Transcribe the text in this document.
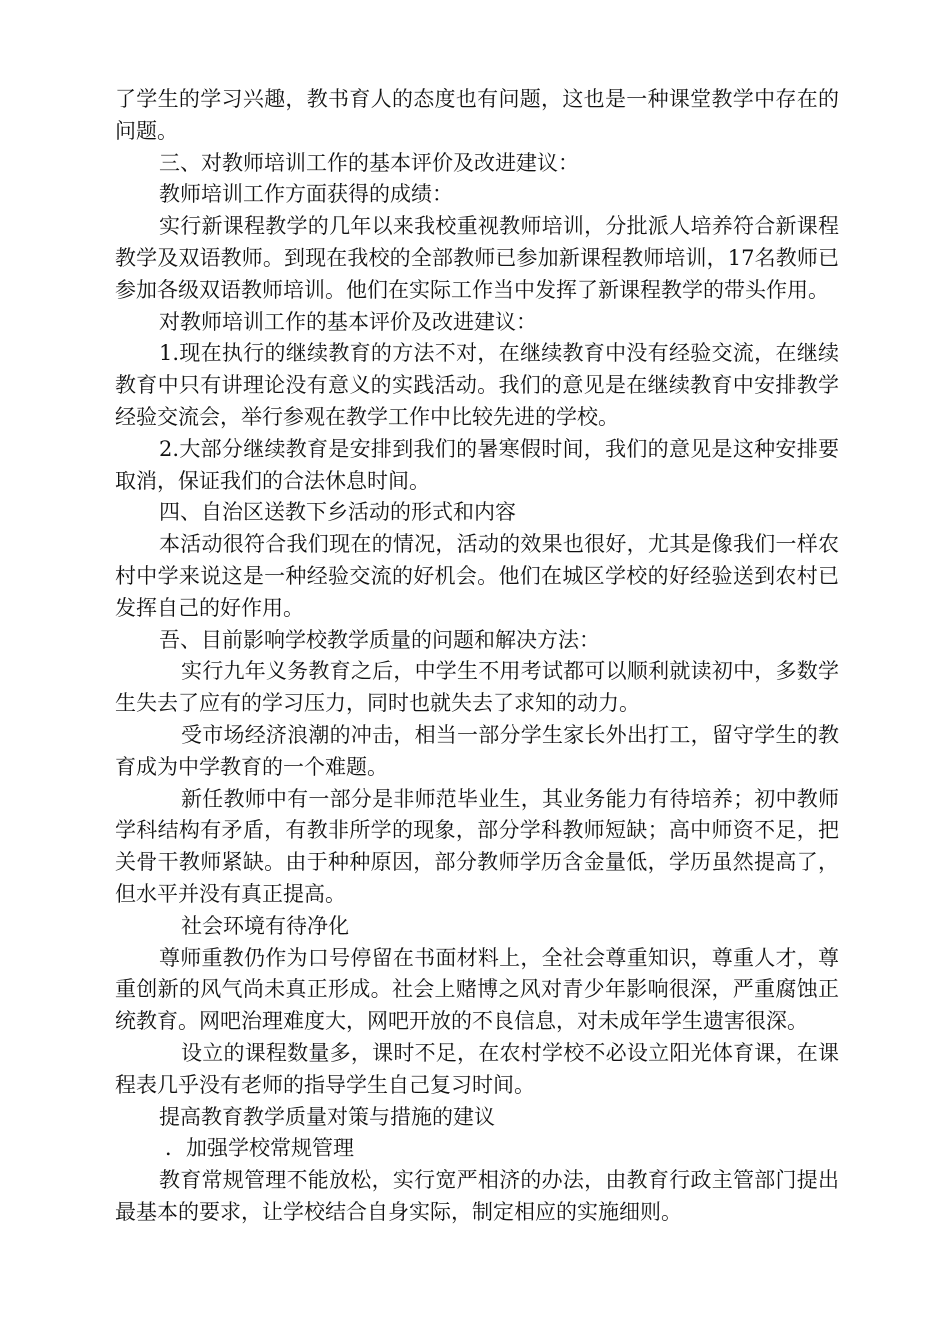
了学生的学习兴趣，教书育人的态度也有问题，这也是一种课堂教学中存在的问题。

三、对教师培训工作的基本评价及改进建议：

教师培训工作方面获得的成绩：

实行新课程教学的几年以来我校重视教师培训，分批派人培养符合新课程教学及双语教师。到现在我校的全部教师已参加新课程教师培训，17名教师已参加各级双语教师培训。他们在实际工作当中发挥了新课程教学的带头作用。

对教师培训工作的基本评价及改进建议：

1.现在执行的继续教育的方法不对，在继续教育中没有经验交流，在继续教育中只有讲理论没有意义的实践活动。我们的意见是在继续教育中安排教学经验交流会，举行参观在教学工作中比较先进的学校。

2.大部分继续教育是安排到我们的暑寒假时间，我们的意见是这种安排要取消，保证我们的合法休息时间。

四、自治区送教下乡活动的形式和内容

本活动很符合我们现在的情况，活动的效果也很好，尤其是像我们一样农村中学来说这是一种经验交流的好机会。他们在城区学校的好经验送到农村已发挥自己的好作用。

吾、目前影响学校教学质量的问题和解决方法：

实行九年义务教育之后，中学生不用考试都可以顺利就读初中，多数学生失去了应有的学习压力，同时也就失去了求知的动力。

受市场经济浪潮的冲击，相当一部分学生家长外出打工，留守学生的教育成为中学教育的一个难题。

新任教师中有一部分是非师范毕业生，其业务能力有待培养；初中教师学科结构有矛盾，有教非所学的现象，部分学科教师短缺；高中师资不足，把关骨干教师紧缺。由于种种原因，部分教师学历含金量低，学历虽然提高了，但水平并没有真正提高。

社会环境有待净化

尊师重教仍作为口号停留在书面材料上，全社会尊重知识，尊重人才，尊重创新的风气尚未真正形成。社会上赌博之风对青少年影响很深，严重腐蚀正统教育。网吧治理难度大，网吧开放的不良信息，对未成年学生遗害很深。

设立的课程数量多，课时不足，在农村学校不必设立阳光体育课，在课程表几乎没有老师的指导学生自己复习时间。

提高教育教学质量对策与措施的建议

．加强学校常规管理

教育常规管理不能放松，实行宽严相济的办法，由教育行政主管部门提出最基本的要求，让学校结合自身实际，制定相应的实施细则。
